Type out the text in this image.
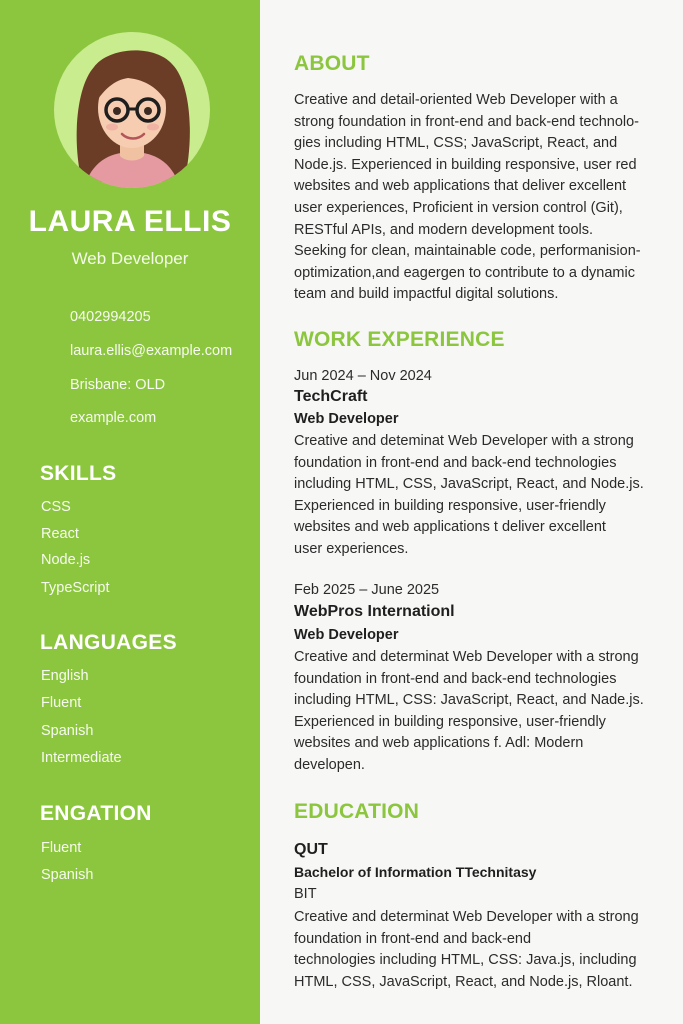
LAURA ELLIS
Web Developer
0402994205
laura.ellis@example.com
Brisbane: OLD
example.com
SKILLS
CSS
React
Node.js
TypeScript
LANGUAGES
English
Fluent
Spanish
Intermediate
ENGATION
Fluent
Spanish
ABOUT
Creative and detail-oriented Web Developer with a
strong foundation in front-end and back-end technolo-
gies including HTML, CSS; JavaScript, React, and
Node.js. Experienced in building responsive, user red
websites and web applications that deliver excellent
user experiences, Proficient in version control (Git),
RESTful APIs, and modern development tools.
Seeking for clean, maintainable code, performanision-
optimization,and eagergen to contribute to a dynamic
team and build impactful digital solutions.
WORK EXPERIENCE
Jun 2024 – Nov 2024
TechCraft
Web Developer
Creative and deteminat Web Developer with a strong
foundation in front-end and back-end technologies
including HTML, CSS, JavaScript, React, and Node.js.
Experienced in building responsive, user-friendly
websites and web applications t deliver excellent
user experiences.
Feb 2025 – June 2025
WebPros Internationl
Web Developer
Creative and determinat Web Developer with a strong
foundation in front-end and back-end technologies
including HTML, CSS: JavaScript, React, and Nade.js.
Experienced in building responsive, user-friendly
websites and web applications f. Adl: Modern
developen.
EDUCATION
QUT
Bachelor of Information TTechnitasy
BIT
Creative and determinat Web Developer with a strong
foundation in front-end and back-end
technologies including HTML, CSS: Java.js, including
HTML, CSS, JavaScript, React, and Node.js, Rloant.
